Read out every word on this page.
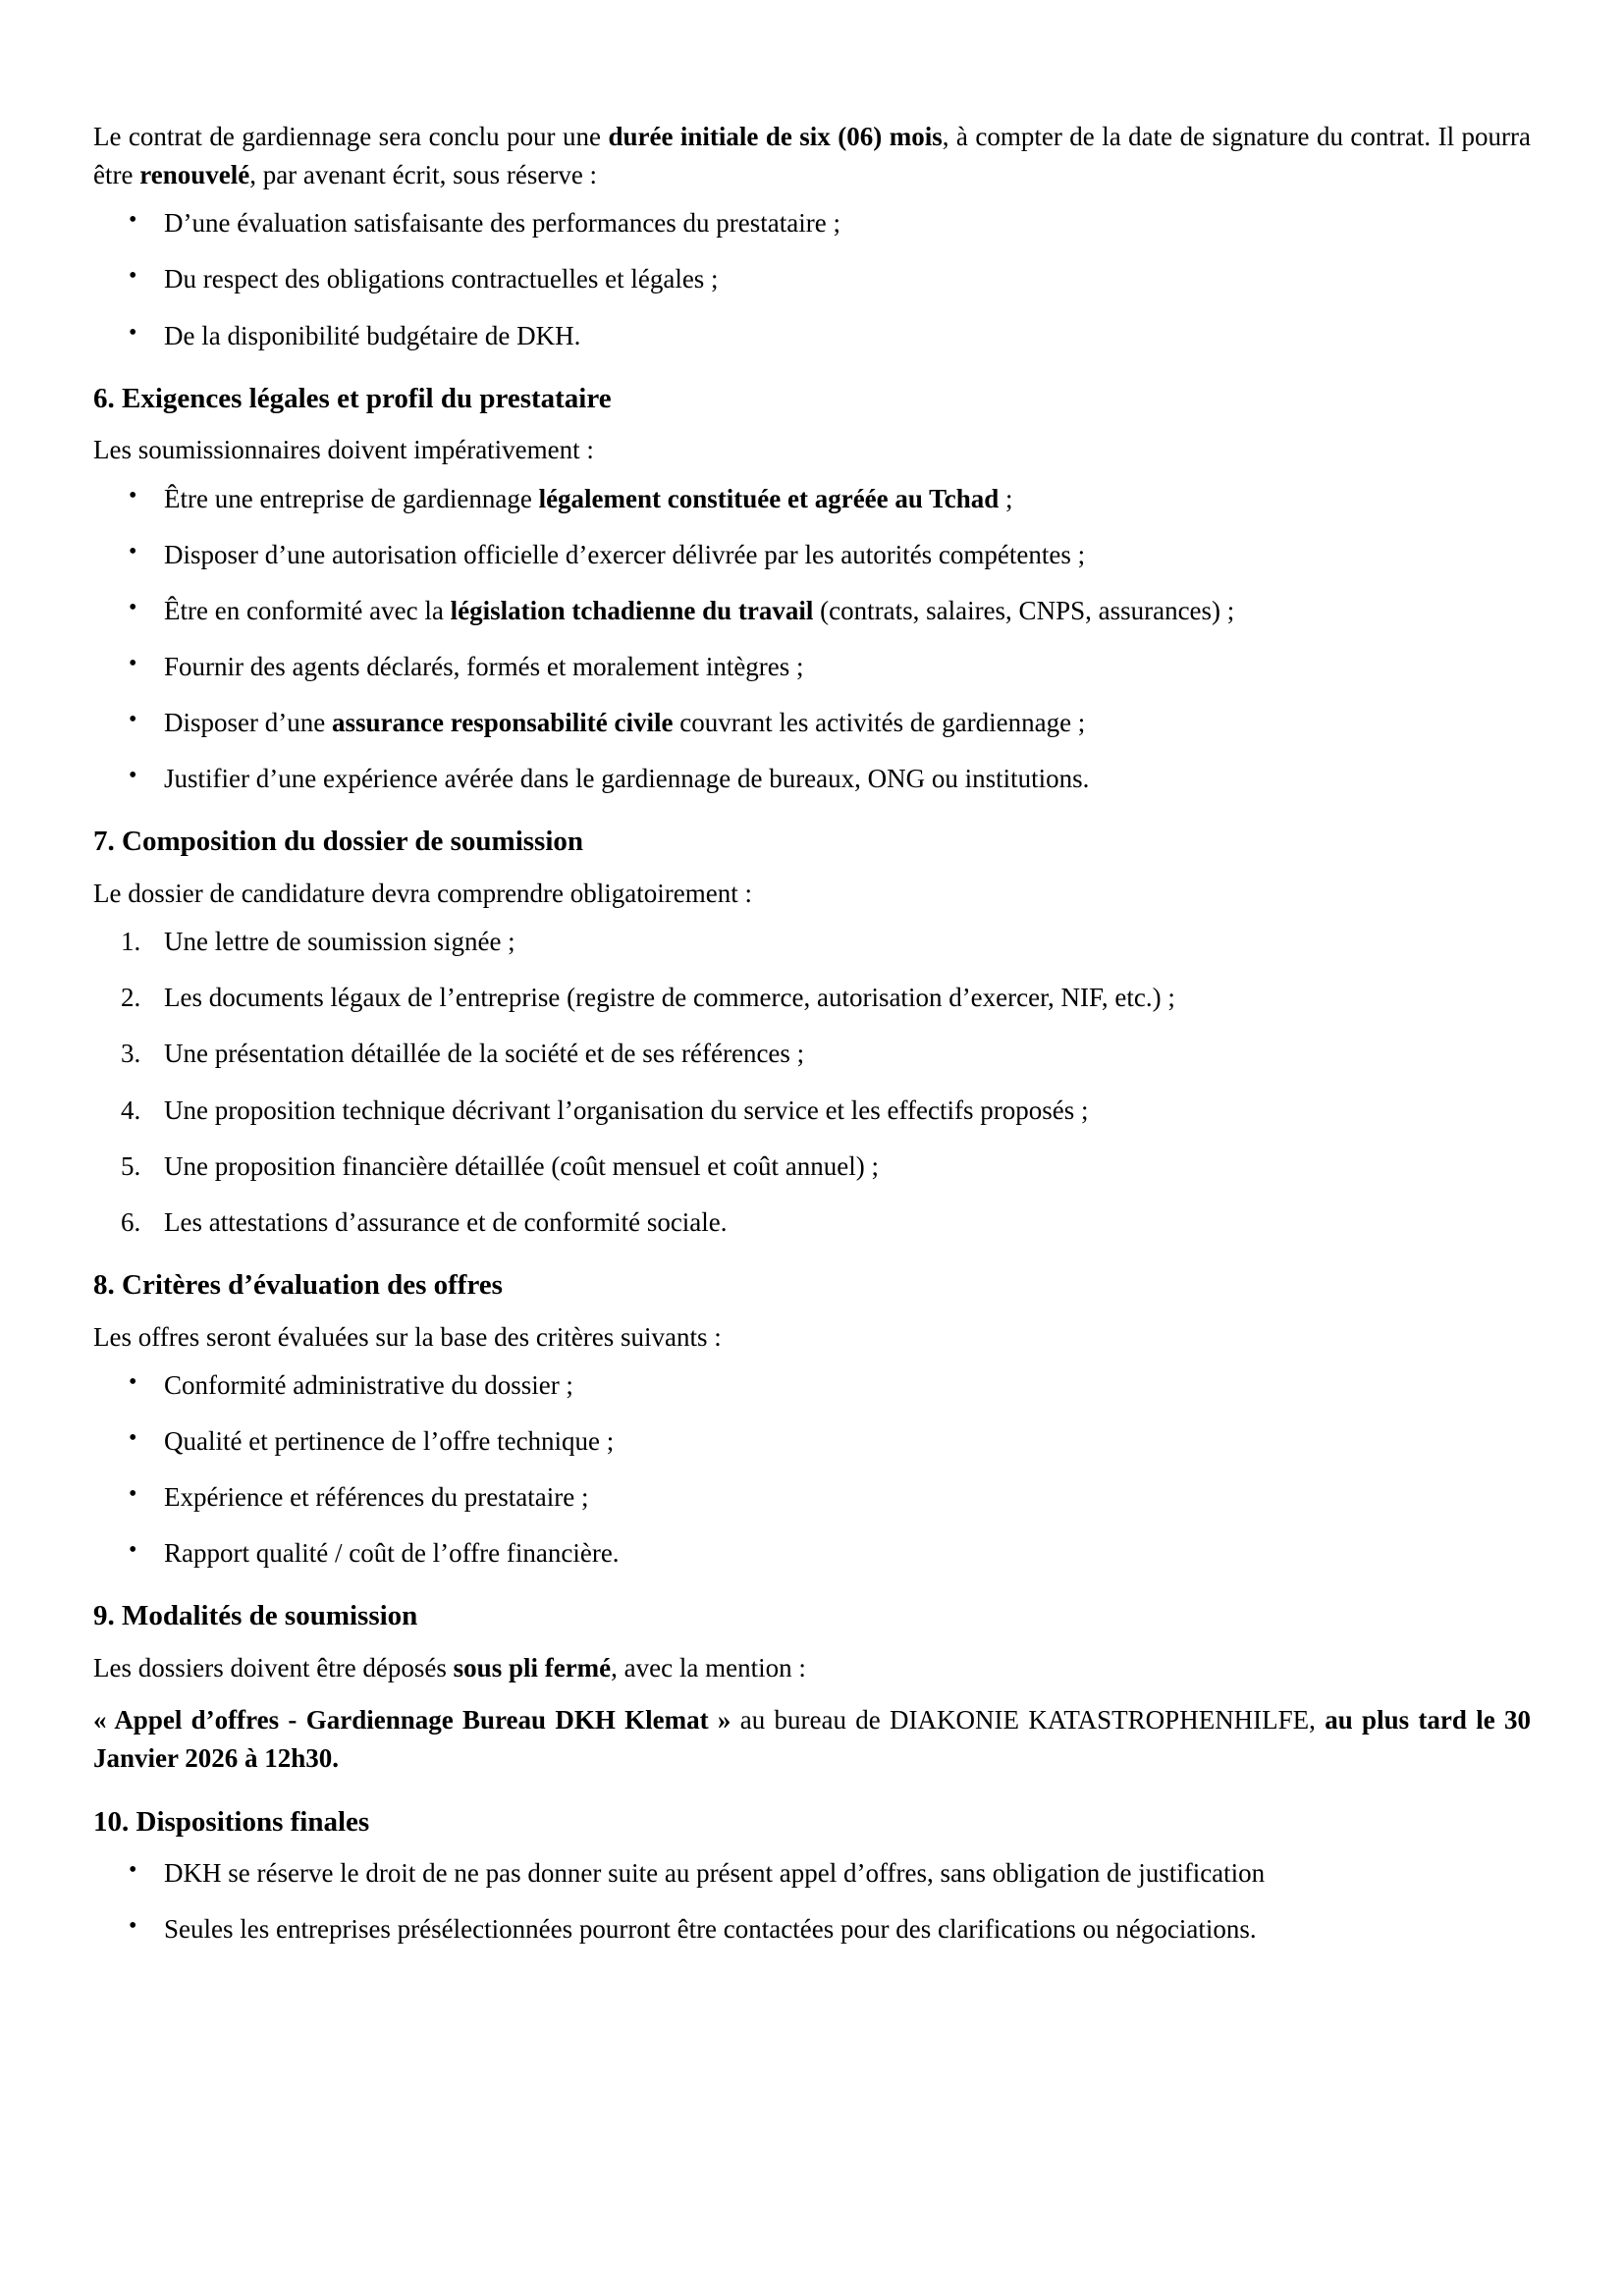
Le contrat de gardiennage sera conclu pour une durée initiale de six (06) mois, à compter de la date de signature du contrat. Il pourra être renouvelé, par avenant écrit, sous réserve :

• D’une évaluation satisfaisante des performances du prestataire ;
• Du respect des obligations contractuelles et légales ;
• De la disponibilité budgétaire de DKH.
6. Exigences légales et profil du prestataire

Les soumissionnaires doivent impérativement :

• Être une entreprise de gardiennage légalement constituée et agréée au Tchad ;
• Disposer d’une autorisation officielle d’exercer délivrée par les autorités compétentes ;
• Être en conformité avec la législation tchadienne du travail (contrats, salaires, CNPS, assurances) ;
• Fournir des agents déclarés, formés et moralement intègres ;
• Disposer d’une assurance responsabilité civile couvrant les activités de gardiennage ;
• Justifier d’une expérience avérée dans le gardiennage de bureaux, ONG ou institutions.
7. Composition du dossier de soumission

Le dossier de candidature devra comprendre obligatoirement :

Une lettre de soumission signée ;
Les documents légaux de l’entreprise (registre de commerce, autorisation d’exercer, NIF, etc.) ;
Une présentation détaillée de la société et de ses références ;
Une proposition technique décrivant l’organisation du service et les effectifs proposés ;
Une proposition financière détaillée (coût mensuel et coût annuel) ;
Les attestations d’assurance et de conformité sociale.
8. Critères d’évaluation des offres

Les offres seront évaluées sur la base des critères suivants :

• Conformité administrative du dossier ;
• Qualité et pertinence de l’offre technique ;
• Expérience et références du prestataire ;
• Rapport qualité / coût de l’offre financière.
9. Modalités de soumission

Les dossiers doivent être déposés sous pli fermé, avec la mention :

« Appel d’offres - Gardiennage Bureau DKH Klemat » au bureau de DIAKONIE KATASTROPHENHILFE, au plus tard le 30 Janvier 2026 à 12h30.

10. Dispositions finales
• DKH se réserve le droit de ne pas donner suite au présent appel d’offres, sans obligation de justification
• Seules les entreprises présélectionnées pourront être contactées pour des clarifications ou négociations.
